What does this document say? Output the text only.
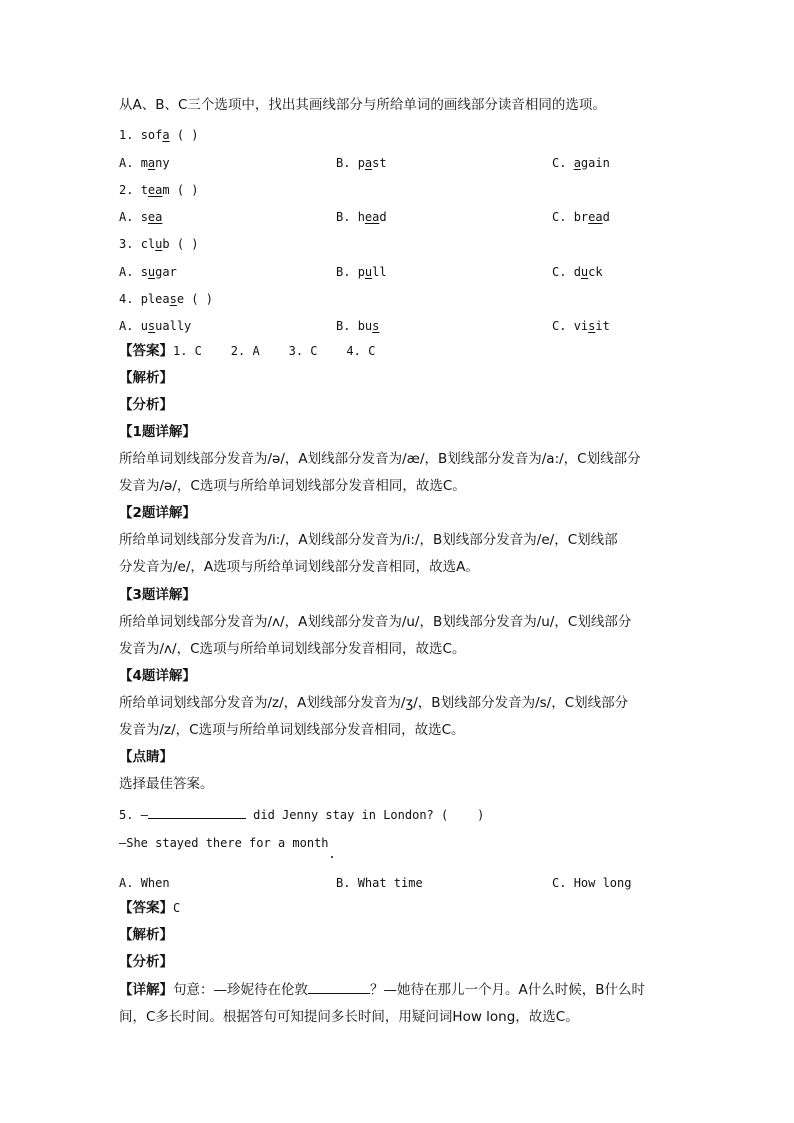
从A、B、C三个选项中，找出其画线部分与所给单词的画线部分读音相同的选项。
1. sofa ( )
A. many	B. past	C. again
2. team ( )
A. sea	B. head	C. bread
3. club ( )
A. sugar	B. pull	C. duck
4. please ( )
A. usually	B. bus	C. visit
【答案】1. C    2. A    3. C    4. C
【解析】
【分析】
【1题详解】
所给单词划线部分发音为/ə/，A划线部分发音为/æ/，B划线部分发音为/a:/，C划线部分
发音为/ə/，C选项与所给单词划线部分发音相同，故选C。
【2题详解】
所给单词划线部分发音为/i:/，A划线部分发音为/i:/，B划线部分发音为/e/，C划线部
分发音为/e/，A选项与所给单词划线部分发音相同，故选A。
【3题详解】
所给单词划线部分发音为/ʌ/，A划线部分发音为/u/，B划线部分发音为/u/，C划线部分
发音为/ʌ/，C选项与所给单词划线部分发音相同，故选C。
【4题详解】
所给单词划线部分发音为/z/，A划线部分发音为/ʒ/，B划线部分发音为/s/，C划线部分
发音为/z/，C选项与所给单词划线部分发音相同，故选C。
【点睛】
选择最佳答案。
5. —	did Jenny stay in London? (    )
—She stayed there for a month
A. When	B. What time	C. How long
【答案】C
【解析】
【分析】
【详解】句意：—珍妮待在伦敦	？—她待在那儿一个月。A什么时候，B什么时
间，C多长时间。根据答句可知提问多长时间，用疑问词How long，故选C。
